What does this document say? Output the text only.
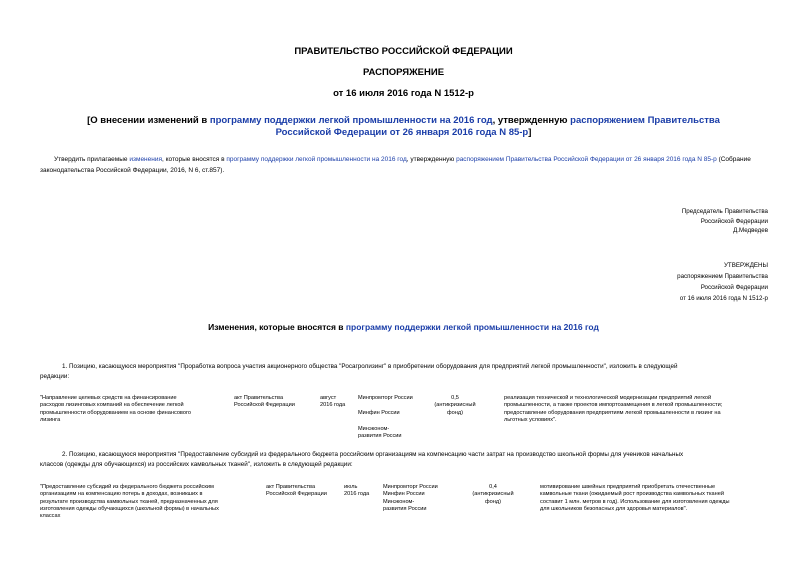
ПРАВИТЕЛЬСТВО РОССИЙСКОЙ ФЕДЕРАЦИИ
РАСПОРЯЖЕНИЕ
от 16 июля 2016 года N 1512-р
[О внесении изменений в программу поддержки легкой промышленности на 2016 год, утвержденную распоряжением Правительства Российской Федерации от 26 января 2016 года N 85-р]
Утвердить прилагаемые изменения, которые вносятся в программу поддержки легкой промышленности на 2016 год, утвержденную распоряжением Правительства Российской Федерации от 26 января 2016 года N 85-р (Собрание законодательства Российской Федерации, 2016, N 6, ст.857).
Председатель Правительства
Российской Федерации
Д.Медведев
УТВЕРЖДЕНЫ
распоряжением Правительства
Российской Федерации
от 16 июля 2016 года N 1512-р
Изменения, которые вносятся в программу поддержки легкой промышленности на 2016 год
1. Позицию, касающуюся мероприятия "Проработка вопроса участия акционерного общества "Росагролизинг" в приобретении оборудования для предприятий легкой промышленности", изложить в следующей
редакции:
"Направление целевых средств на финансирование
расходов лизинговых компаний на обеспечение легкой
промышленности оборудованием на основе финансового
лизинга
акт Правительства
Российской Федерации
август
2016 года
Минпромторг России
Минфин России
Минэконом-
развития России
0,5
(антикризисный
фонд)
реализация технической и технологической модернизации предприятий легкой
промышленности, а также проектов импортозамещения в легкой промышленности;
предоставление оборудования предприятиям легкой промышленности в лизинг на
льготных условиях".
2. Позицию, касающуюся мероприятия "Предоставление субсидий из федерального бюджета российским организациям на компенсацию части затрат на производство школьной формы для учеников начальных
классов (одежды для обучающихся) из российских камвольных тканей", изложить в следующей редакции:
"Предоставление субсидий из федерального бюджета российским
организациям на компенсацию потерь в доходах, возникших в
результате производства камвольных тканей, предназначенных для
изготовления одежды обучающихся (школьной формы) в начальных
классах
акт Правительства
Российской Федерации
июль
2016 года
Минпромторг России
Минфин России
Минэконом-
развития России
0,4
(антикризисный
фонд)
мотивирование швейных предприятий приобретать отечественные
камвольные ткани (ожидаемый рост производства камвольных тканей
составит 1 млн. метров в год). Использование для изготовления одежды
для школьников безопасных для здоровья материалов".
